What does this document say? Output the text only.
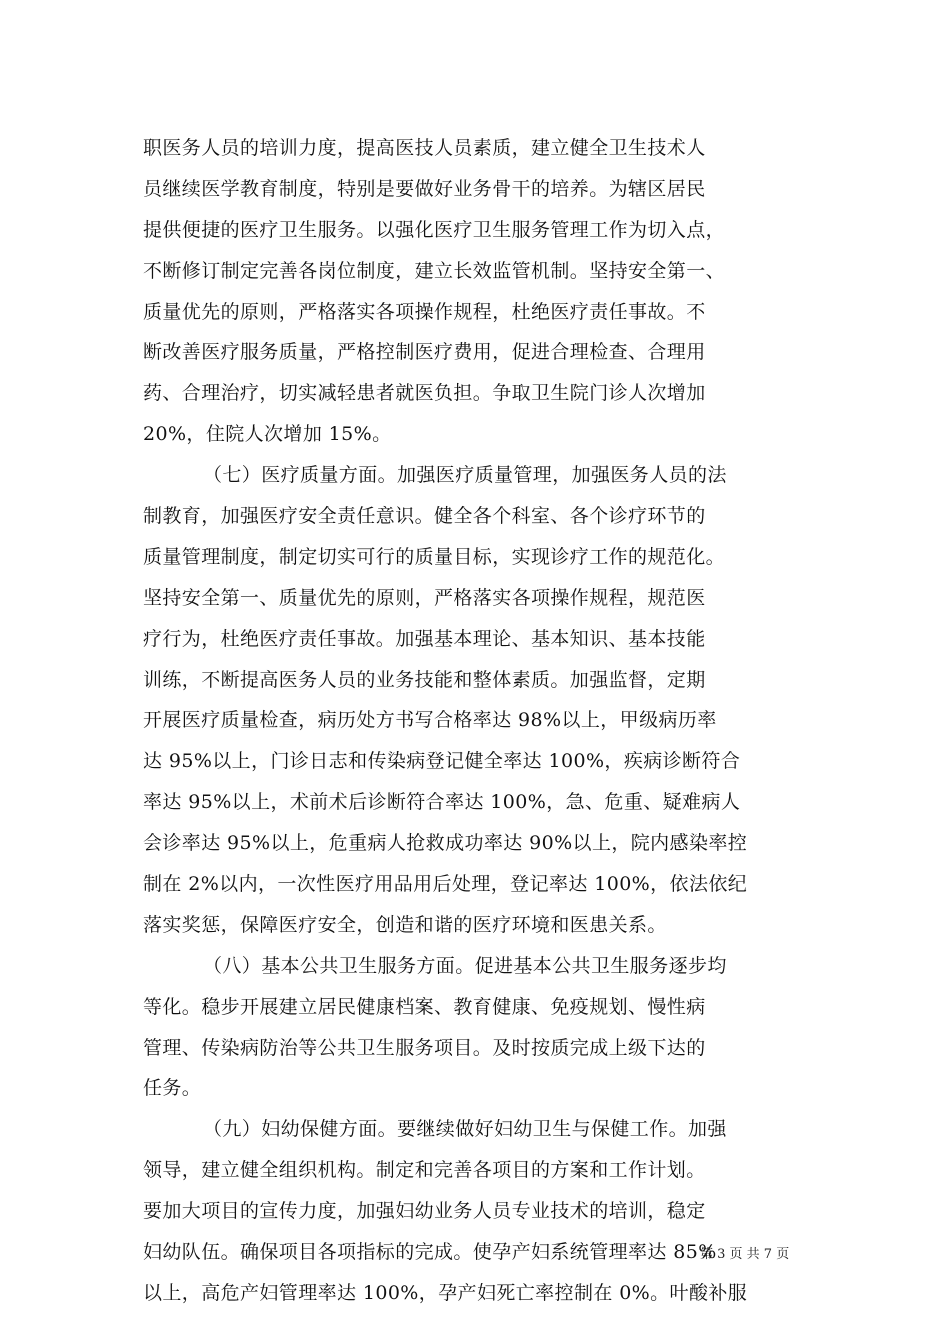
职医务人员的培训力度，提高医技人员素质，建立健全卫生技术人
员继续医学教育制度，特别是要做好业务骨干的培养。为辖区居民
提供便捷的医疗卫生服务。以强化医疗卫生服务管理工作为切入点，
不断修订制定完善各岗位制度，建立长效监管机制。坚持安全第一、
质量优先的原则，严格落实各项操作规程，杜绝医疗责任事故。不
断改善医疗服务质量，严格控制医疗费用，促进合理检查、合理用
药、合理治疗，切实减轻患者就医负担。争取卫生院门诊人次增加
20%，住院人次增加 15%。
（七）医疗质量方面。加强医疗质量管理，加强医务人员的法
制教育，加强医疗安全责任意识。健全各个科室、各个诊疗环节的
质量管理制度，制定切实可行的质量目标，实现诊疗工作的规范化。
坚持安全第一、质量优先的原则，严格落实各项操作规程，规范医
疗行为，杜绝医疗责任事故。加强基本理论、基本知识、基本技能
训练，不断提高医务人员的业务技能和整体素质。加强监督，定期
开展医疗质量检查，病历处方书写合格率达 98%以上，甲级病历率
达 95%以上，门诊日志和传染病登记健全率达 100%，疾病诊断符合
率达 95%以上，术前术后诊断符合率达 100%，急、危重、疑难病人
会诊率达 95%以上，危重病人抢救成功率达 90%以上，院内感染率控
制在 2%以内，一次性医疗用品用后处理，登记率达 100%，依法依纪
落实奖惩，保障医疗安全，创造和谐的医疗环境和医患关系。
（八）基本公共卫生服务方面。促进基本公共卫生服务逐步均
等化。稳步开展建立居民健康档案、教育健康、免疫规划、慢性病
管理、传染病防治等公共卫生服务项目。及时按质完成上级下达的
任务。
（九）妇幼保健方面。要继续做好妇幼卫生与保健工作。加强
领导，建立健全组织机构。制定和完善各项目的方案和工作计划。
要加大项目的宣传力度，加强妇幼业务人员专业技术的培训，稳定
妇幼队伍。确保项目各项指标的完成。使孕产妇系统管理率达 85%
以上，高危产妇管理率达 100%，孕产妇死亡率控制在 0%。叶酸补服
第 3 页 共 7 页
